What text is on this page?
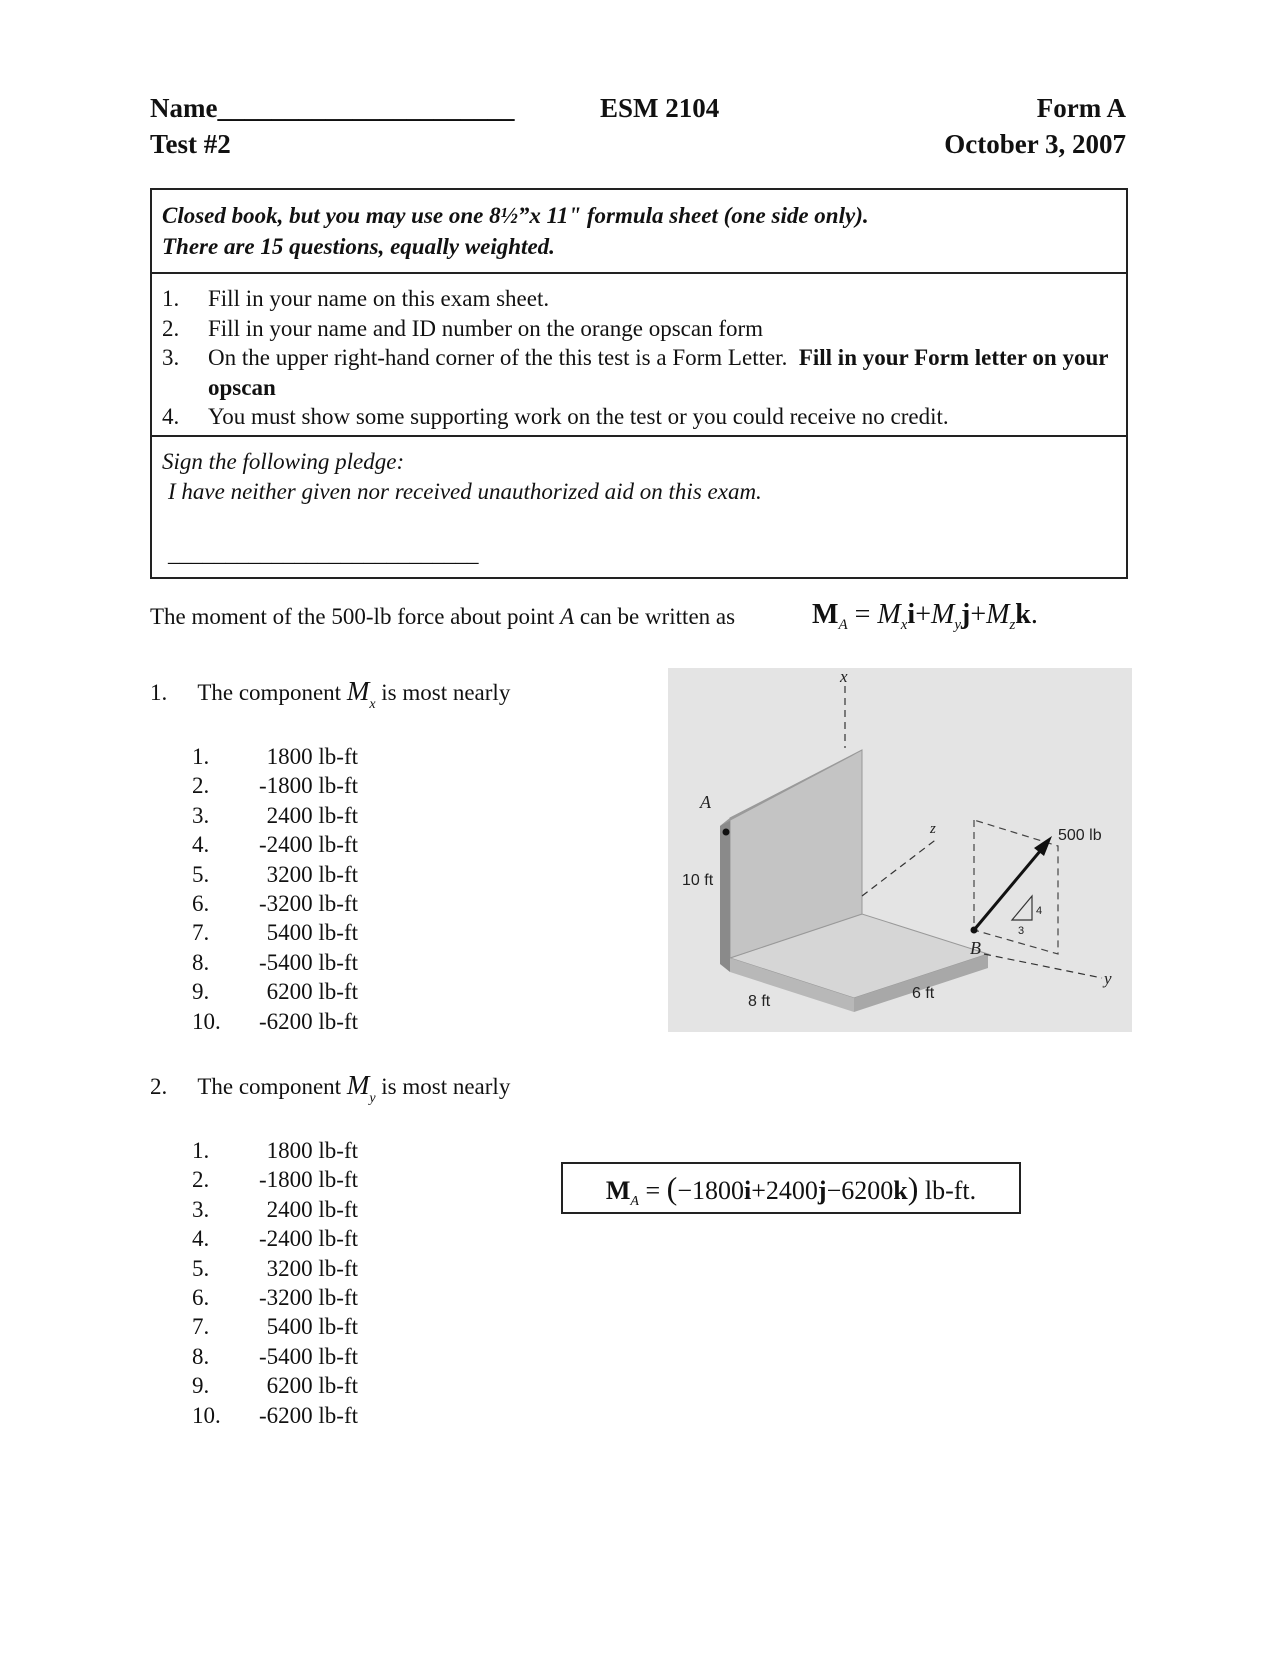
Name______________________
Test #2
ESM 2104	Form A
October 3, 2007
Closed book, but you may use one 8½”x 11" formula sheet (one side only).
There are 15 questions, equally weighted.
1.	Fill in your name on this exam sheet.
2.	Fill in your name and ID number on the orange opscan form
3.	On the upper right-hand corner of the this test is a Form Letter. Fill in your Form letter on your opscan
4.	You must show some supporting work on the test or you could receive no credit.
Sign the following pledge:
I have neither given nor received unauthorized aid on this exam.
___________________________
The moment of the 500-lb force about point A can be written as	$M_A = M_xi+M_yj+M_zk$.
1. The component $M_x$ is most nearly
1.	1800 lb-ft
2.	-1800 lb-ft
3.	2400 lb-ft
4.	-2400 lb-ft
5.	3200 lb-ft
6.	-3200 lb-ft
7.	5400 lb-ft
8.	-5400 lb-ft
9.	6200 lb-ft
10.	-6200 lb-ft
x
z
y
4
3
500 lb
A
B
10 ft
8 ft	6 ft
2. The component $M_y$ is most nearly
1.	1800 lb-ft
2.	-1800 lb-ft
3.	2400 lb-ft
4.	-2400 lb-ft
5.	3200 lb-ft
6.	-3200 lb-ft
7.	5400 lb-ft
8.	-5400 lb-ft
9.	6200 lb-ft
10.	-6200 lb-ft
$M_A = (-1800i+2400j-6200k)$ lb-ft.
